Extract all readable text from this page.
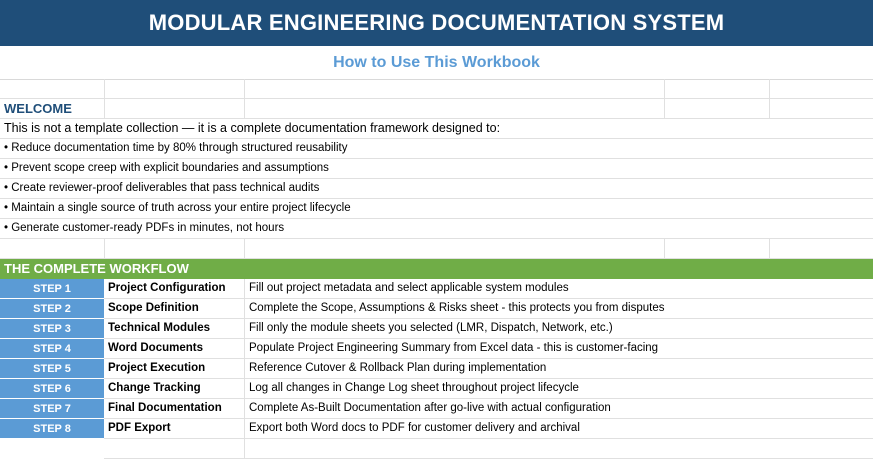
MODULAR ENGINEERING DOCUMENTATION SYSTEM
How to Use This Workbook
WELCOME
This is not a template collection — it is a complete documentation framework designed to:
• Reduce documentation time by 80% through structured reusability
• Prevent scope creep with explicit boundaries and assumptions
• Create reviewer-proof deliverables that pass technical audits
• Maintain a single source of truth across your entire project lifecycle
• Generate customer-ready PDFs in minutes, not hours
THE COMPLETE WORKFLOW
STEP 1	Project Configuration	Fill out project metadata and select applicable system modules
STEP 2	Scope Definition	Complete the Scope, Assumptions & Risks sheet - this protects you from disputes
STEP 3	Technical Modules	Fill only the module sheets you selected (LMR, Dispatch, Network, etc.)
STEP 4	Word Documents	Populate Project Engineering Summary from Excel data - this is customer-facing
STEP 5	Project Execution	Reference Cutover & Rollback Plan during implementation
STEP 6	Change Tracking	Log all changes in Change Log sheet throughout project lifecycle
STEP 7	Final Documentation	Complete As-Built Documentation after go-live with actual configuration
STEP 8	PDF Export	Export both Word docs to PDF for customer delivery and archival
